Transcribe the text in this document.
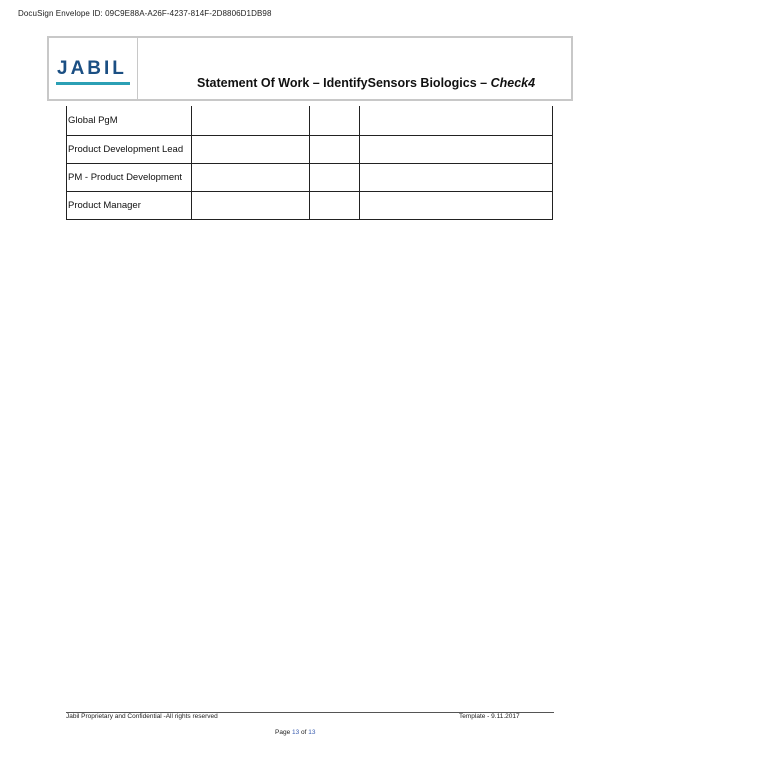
DocuSign Envelope ID: 09C9E88A-A26F-4237-814F-2D8806D1DB98
JABIL
Statement Of Work – IdentifySensors Biologics – Check4
Global PgM			
Product Development Lead			
PM - Product Development			
Product Manager			
Jabil Proprietary and Confidential -All rights reserved	Template - 9.11.2017
Page 13 of 13
